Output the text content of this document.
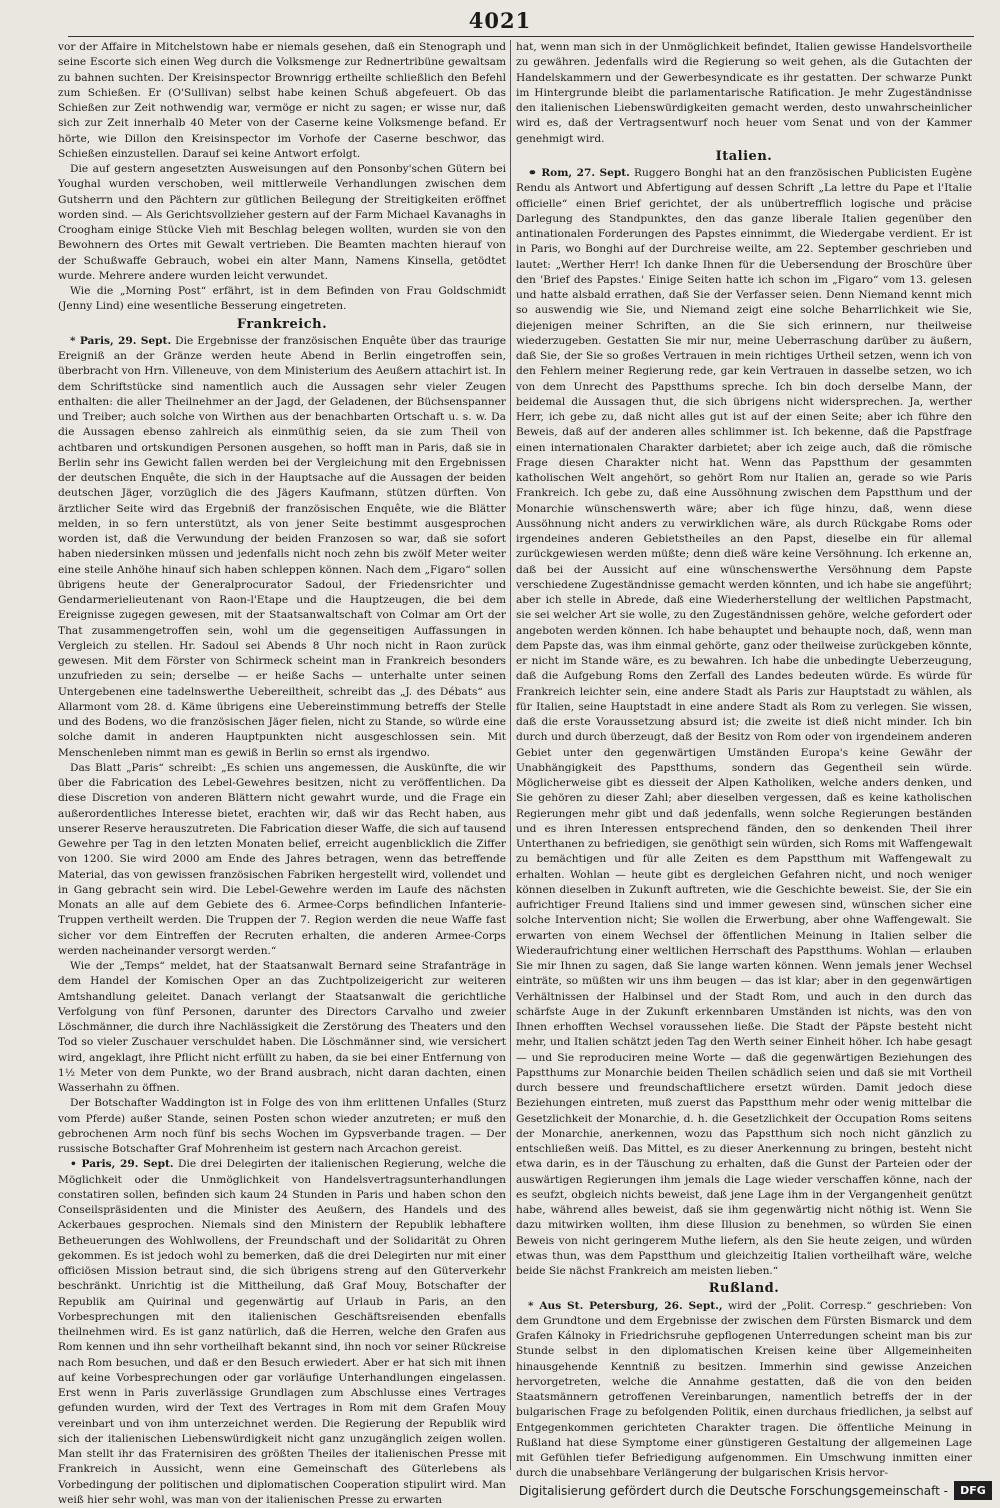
4021

vor der Affaire in Mitchelstown habe er niemals gesehen, daß ein Stenograph und seine Escorte sich einen Weg durch die Volksmenge zur Rednertribüne gewaltsam zu bahnen suchten. Der Kreisinspector Brownrigg ertheilte schließlich den Befehl zum Schießen. Er (O'Sullivan) selbst habe keinen Schuß abgefeuert. Ob das Schießen zur Zeit nothwendig war, vermöge er nicht zu sagen; er wisse nur, daß sich zur Zeit innerhalb 40 Meter von der Caserne keine Volksmenge befand. Er hörte, wie Dillon den Kreisinspector im Vorhofe der Caserne beschwor, das Schießen einzustellen. Darauf sei keine Antwort erfolgt.

Die auf gestern angesetzten Ausweisungen auf den Ponsonby'schen Gütern bei Youghal wurden verschoben, weil mittlerweile Verhandlungen zwischen dem Gutsherrn und den Pächtern zur gütlichen Beilegung der Streitigkeiten eröffnet worden sind. — Als Gerichtsvollzieher gestern auf der Farm Michael Kavanaghs in Croogham einige Stücke Vieh mit Beschlag belegen wollten, wurden sie von den Bewohnern des Ortes mit Gewalt vertrieben. Die Beamten machten hierauf von der Schußwaffe Gebrauch, wobei ein alter Mann, Namens Kinsella, getödtet wurde. Mehrere andere wurden leicht verwundet.

Wie die „Morning Post“ erfährt, ist in dem Befinden von Frau Goldschmidt (Jenny Lind) eine wesentliche Besserung eingetreten.

Frankreich.

* Paris, 29. Sept. Die Ergebnisse der französischen Enquête über das traurige Ereigniß an der Gränze werden heute Abend in Berlin eingetroffen sein, überbracht von Hrn. Villeneuve, von dem Ministerium des Aeußern attachirt ist. In dem Schriftstücke sind namentlich auch die Aussagen sehr vieler Zeugen enthalten: die aller Theilnehmer an der Jagd, der Geladenen, der Büchsenspanner und Treiber; auch solche von Wirthen aus der benachbarten Ortschaft u. s. w. Da die Aussagen ebenso zahlreich als einmüthig seien, da sie zum Theil von achtbaren und ortskundigen Personen ausgehen, so hofft man in Paris, daß sie in Berlin sehr ins Gewicht fallen werden bei der Vergleichung mit den Ergebnissen der deutschen Enquête, die sich in der Hauptsache auf die Aussagen der beiden deutschen Jäger, vorzüglich die des Jägers Kaufmann, stützen dürften. Von ärztlicher Seite wird das Ergebniß der französischen Enquête, wie die Blätter melden, in so fern unterstützt, als von jener Seite bestimmt ausgesprochen worden ist, daß die Verwundung der beiden Franzosen so war, daß sie sofort haben niedersinken müssen und jedenfalls nicht noch zehn bis zwölf Meter weiter eine steile Anhöhe hinauf sich haben schleppen können. Nach dem „Figaro“ sollen übrigens heute der Generalprocurator Sadoul, der Friedensrichter und Gendarmerielieutenant von Raon-l'Etape und die Hauptzeugen, die bei dem Ereignisse zugegen gewesen, mit der Staatsanwaltschaft von Colmar am Ort der That zusammengetroffen sein, wohl um die gegenseitigen Auffassungen in Vergleich zu stellen. Hr. Sadoul sei Abends 8 Uhr noch nicht in Raon zurück gewesen. Mit dem Förster von Schirmeck scheint man in Frankreich besonders unzufrieden zu sein; derselbe — er heiße Sachs — unterhalte unter seinen Untergebenen eine tadelnswerthe Uebereiltheit, schreibt das „J. des Débats“ aus Allarmont vom 28. d. Käme übrigens eine Uebereinstimmung betreffs der Stelle und des Bodens, wo die französischen Jäger fielen, nicht zu Stande, so würde eine solche damit in anderen Hauptpunkten nicht ausgeschlossen sein. Mit Menschenleben nimmt man es gewiß in Berlin so ernst als irgendwo.

Das Blatt „Paris“ schreibt: „Es schien uns angemessen, die Auskünfte, die wir über die Fabrication des Lebel-Gewehres besitzen, nicht zu veröffentlichen. Da diese Discretion von anderen Blättern nicht gewahrt wurde, und die Frage ein außerordentliches Interesse bietet, erachten wir, daß wir das Recht haben, aus unserer Reserve herauszutreten. Die Fabrication dieser Waffe, die sich auf tausend Gewehre per Tag in den letzten Monaten belief, erreicht augenblicklich die Ziffer von 1200. Sie wird 2000 am Ende des Jahres betragen, wenn das betreffende Material, das von gewissen französischen Fabriken hergestellt wird, vollendet und in Gang gebracht sein wird. Die Lebel-Gewehre werden im Laufe des nächsten Monats an alle auf dem Gebiete des 6. Armee-Corps befindlichen Infanterie-Truppen vertheilt werden. Die Truppen der 7. Region werden die neue Waffe fast sicher vor dem Eintreffen der Recruten erhalten, die anderen Armee-Corps werden nacheinander versorgt werden.“

Wie der „Temps“ meldet, hat der Staatsanwalt Bernard seine Strafanträge in dem Handel der Komischen Oper an das Zuchtpolizeigericht zur weiteren Amtshandlung geleitet. Danach verlangt der Staatsanwalt die gerichtliche Verfolgung von fünf Personen, darunter des Directors Carvalho und zweier Löschmänner, die durch ihre Nachlässigkeit die Zerstörung des Theaters und den Tod so vieler Zuschauer verschuldet haben. Die Löschmänner sind, wie versichert wird, angeklagt, ihre Pflicht nicht erfüllt zu haben, da sie bei einer Entfernung von 1½ Meter von dem Punkte, wo der Brand ausbrach, nicht daran dachten, einen Wasserhahn zu öffnen.

Der Botschafter Waddington ist in Folge des von ihm erlittenen Unfalles (Sturz vom Pferde) außer Stande, seinen Posten schon wieder anzutreten; er muß den gebrochenen Arm noch fünf bis sechs Wochen im Gypsverbande tragen. — Der russische Botschafter Graf Mohrenheim ist gestern nach Arcachon gereist.

• Paris, 29. Sept. Die drei Delegirten der italienischen Regierung, welche die Möglichkeit oder die Unmöglichkeit von Handelsvertragsunterhandlungen constatiren sollen, befinden sich kaum 24 Stunden in Paris und haben schon den Conseilspräsidenten und die Minister des Aeußern, des Handels und des Ackerbaues gesprochen. Niemals sind den Ministern der Republik lebhaftere Betheuerungen des Wohlwollens, der Freundschaft und der Solidarität zu Ohren gekommen. Es ist jedoch wohl zu bemerken, daß die drei Delegirten nur mit einer officiösen Mission betraut sind, die sich übrigens streng auf den Güterverkehr beschränkt. Unrichtig ist die Mittheilung, daß Graf Mouy, Botschafter der Republik am Quirinal und gegenwärtig auf Urlaub in Paris, an den Vorbesprechungen mit den italienischen Geschäftsreisenden ebenfalls theilnehmen wird. Es ist ganz natürlich, daß die Herren, welche den Grafen aus Rom kennen und ihn sehr vortheilhaft bekannt sind, ihn noch vor seiner Rückreise nach Rom besuchen, und daß er den Besuch erwiedert. Aber er hat sich mit ihnen auf keine Vorbesprechungen oder gar vorläufige Unterhandlungen eingelassen. Erst wenn in Paris zuverlässige Grundlagen zum Abschlusse eines Vertrages gefunden wurden, wird der Text des Vertrages in Rom mit dem Grafen Mouy vereinbart und von ihm unterzeichnet werden. Die Regierung der Republik wird sich der italienischen Liebenswürdigkeit nicht ganz unzugänglich zeigen wollen. Man stellt ihr das Fraternisiren des größten Theiles der italienischen Presse mit Frankreich in Aussicht, wenn eine Gemeinschaft des Güterlebens als Vorbedingung der politischen und diplomatischen Cooperation stipulirt wird. Man weiß hier sehr wohl, was man von der italienischen Presse zu erwarten

hat, wenn man sich in der Unmöglichkeit befindet, Italien gewisse Handelsvortheile zu gewähren. Jedenfalls wird die Regierung so weit gehen, als die Gutachten der Handelskammern und der Gewerbesyndicate es ihr gestatten. Der schwarze Punkt im Hintergrunde bleibt die parlamentarische Ratification. Je mehr Zugeständnisse den italienischen Liebenswürdigkeiten gemacht werden, desto unwahrscheinlicher wird es, daß der Vertragsentwurf noch heuer vom Senat und von der Kammer genehmigt wird.

Italien.

⚭ Rom, 27. Sept. Ruggero Bonghi hat an den französischen Publicisten Eugène Rendu als Antwort und Abfertigung auf dessen Schrift „La lettre du Pape et l'Italie officielle“ einen Brief gerichtet, der als unübertrefflich logische und präcise Darlegung des Standpunktes, den das ganze liberale Italien gegenüber den antinationalen Forderungen des Papstes einnimmt, die Wiedergabe verdient. Er ist in Paris, wo Bonghi auf der Durchreise weilte, am 22. September geschrieben und lautet: „Werther Herr! Ich danke Ihnen für die Uebersendung der Broschüre über den 'Brief des Papstes.' Einige Seiten hatte ich schon im „Figaro“ vom 13. gelesen und hatte alsbald errathen, daß Sie der Verfasser seien. Denn Niemand kennt mich so auswendig wie Sie, und Niemand zeigt eine solche Beharrlichkeit wie Sie, diejenigen meiner Schriften, an die Sie sich erinnern, nur theilweise wiederzugeben. Gestatten Sie mir nur, meine Ueberraschung darüber zu äußern, daß Sie, der Sie so großes Vertrauen in mein richtiges Urtheil setzen, wenn ich von den Fehlern meiner Regierung rede, gar kein Vertrauen in dasselbe setzen, wo ich von dem Unrecht des Papstthums spreche. Ich bin doch derselbe Mann, der beidemal die Aussagen thut, die sich übrigens nicht widersprechen. Ja, werther Herr, ich gebe zu, daß nicht alles gut ist auf der einen Seite; aber ich führe den Beweis, daß auf der anderen alles schlimmer ist. Ich bekenne, daß die Papstfrage einen internationalen Charakter darbietet; aber ich zeige auch, daß die römische Frage diesen Charakter nicht hat. Wenn das Papstthum der gesammten katholischen Welt angehört, so gehört Rom nur Italien an, gerade so wie Paris Frankreich. Ich gebe zu, daß eine Aussöhnung zwischen dem Papstthum und der Monarchie wünschenswerth wäre; aber ich füge hinzu, daß, wenn diese Aussöhnung nicht anders zu verwirklichen wäre, als durch Rückgabe Roms oder irgendeines anderen Gebietstheiles an den Papst, dieselbe ein für allemal zurückgewiesen werden müßte; denn dieß wäre keine Versöhnung. Ich erkenne an, daß bei der Aussicht auf eine wünschenswerthe Versöhnung dem Papste verschiedene Zugeständnisse gemacht werden könnten, und ich habe sie angeführt; aber ich stelle in Abrede, daß eine Wiederherstellung der weltlichen Papstmacht, sie sei welcher Art sie wolle, zu den Zugeständnissen gehöre, welche gefordert oder angeboten werden können. Ich habe behauptet und behaupte noch, daß, wenn man dem Papste das, was ihm einmal gehörte, ganz oder theilweise zurückgeben könnte, er nicht im Stande wäre, es zu bewahren. Ich habe die unbedingte Ueberzeugung, daß die Aufgebung Roms den Zerfall des Landes bedeuten würde. Es würde für Frankreich leichter sein, eine andere Stadt als Paris zur Hauptstadt zu wählen, als für Italien, seine Hauptstadt in eine andere Stadt als Rom zu verlegen. Sie wissen, daß die erste Voraussetzung absurd ist; die zweite ist dieß nicht minder. Ich bin durch und durch überzeugt, daß der Besitz von Rom oder von irgendeinem anderen Gebiet unter den gegenwärtigen Umständen Europa's keine Gewähr der Unabhängigkeit des Papstthums, sondern das Gegentheil sein würde. Möglicherweise gibt es diesseit der Alpen Katholiken, welche anders denken, und Sie gehören zu dieser Zahl; aber dieselben vergessen, daß es keine katholischen Regierungen mehr gibt und daß jedenfalls, wenn solche Regierungen beständen und es ihren Interessen entsprechend fänden, den so denkenden Theil ihrer Unterthanen zu befriedigen, sie genöthigt sein würden, sich Roms mit Waffengewalt zu bemächtigen und für alle Zeiten es dem Papstthum mit Waffengewalt zu erhalten. Wohlan — heute gibt es dergleichen Gefahren nicht, und noch weniger können dieselben in Zukunft auftreten, wie die Geschichte beweist. Sie, der Sie ein aufrichtiger Freund Italiens sind und immer gewesen sind, wünschen sicher eine solche Intervention nicht; Sie wollen die Erwerbung, aber ohne Waffengewalt. Sie erwarten von einem Wechsel der öffentlichen Meinung in Italien selber die Wiederaufrichtung einer weltlichen Herrschaft des Papstthums. Wohlan — erlauben Sie mir Ihnen zu sagen, daß Sie lange warten können. Wenn jemals jener Wechsel einträte, so müßten wir uns ihm beugen — das ist klar; aber in den gegenwärtigen Verhältnissen der Halbinsel und der Stadt Rom, und auch in den durch das schärfste Auge in der Zukunft erkennbaren Umständen ist nichts, was den von Ihnen erhofften Wechsel voraussehen ließe. Die Stadt der Päpste besteht nicht mehr, und Italien schätzt jeden Tag den Werth seiner Einheit höher. Ich habe gesagt — und Sie reproduciren meine Worte — daß die gegenwärtigen Beziehungen des Papstthums zur Monarchie beiden Theilen schädlich seien und daß sie mit Vortheil durch bessere und freundschaftlichere ersetzt würden. Damit jedoch diese Beziehungen eintreten, muß zuerst das Papstthum mehr oder wenig mittelbar die Gesetzlichkeit der Monarchie, d. h. die Gesetzlichkeit der Occupation Roms seitens der Monarchie, anerkennen, wozu das Papstthum sich noch nicht gänzlich zu entschließen weiß. Das Mittel, es zu dieser Anerkennung zu bringen, besteht nicht etwa darin, es in der Täuschung zu erhalten, daß die Gunst der Parteien oder der auswärtigen Regierungen ihm jemals die Lage wieder verschaffen könne, nach der es seufzt, obgleich nichts beweist, daß jene Lage ihm in der Vergangenheit genützt habe, während alles beweist, daß sie ihm gegenwärtig nicht nöthig ist. Wenn Sie dazu mitwirken wollten, ihm diese Illusion zu benehmen, so würden Sie einen Beweis von nicht geringerem Muthe liefern, als den Sie heute zeigen, und würden etwas thun, was dem Papstthum und gleichzeitig Italien vortheilhaft wäre, welche beide Sie nächst Frankreich am meisten lieben.“

Rußland.

* Aus St. Petersburg, 26. Sept., wird der „Polit. Corresp.“ geschrieben: Von dem Grundtone und dem Ergebnisse der zwischen dem Fürsten Bismarck und dem Grafen Kálnoky in Friedrichsruhe gepflogenen Unterredungen scheint man bis zur Stunde selbst in den diplomatischen Kreisen keine über Allgemeinheiten hinausgehende Kenntniß zu besitzen. Immerhin sind gewisse Anzeichen hervorgetreten, welche die Annahme gestatten, daß die von den beiden Staatsmännern getroffenen Vereinbarungen, namentlich betreffs der in der bulgarischen Frage zu befolgenden Politik, einen durchaus friedlichen, ja selbst auf Entgegenkommen gerichteten Charakter tragen. Die öffentliche Meinung in Rußland hat diese Symptome einer günstigeren Gestaltung der allgemeinen Lage mit Gefühlen tiefer Befriedigung aufgenommen. Ein Umschwung inmitten einer durch die unabsehbare Verlängerung der bulgarischen Krisis hervor-

Digitalisierung gefördert durch die Deutsche Forschungsgemeinschaft -	DFG
